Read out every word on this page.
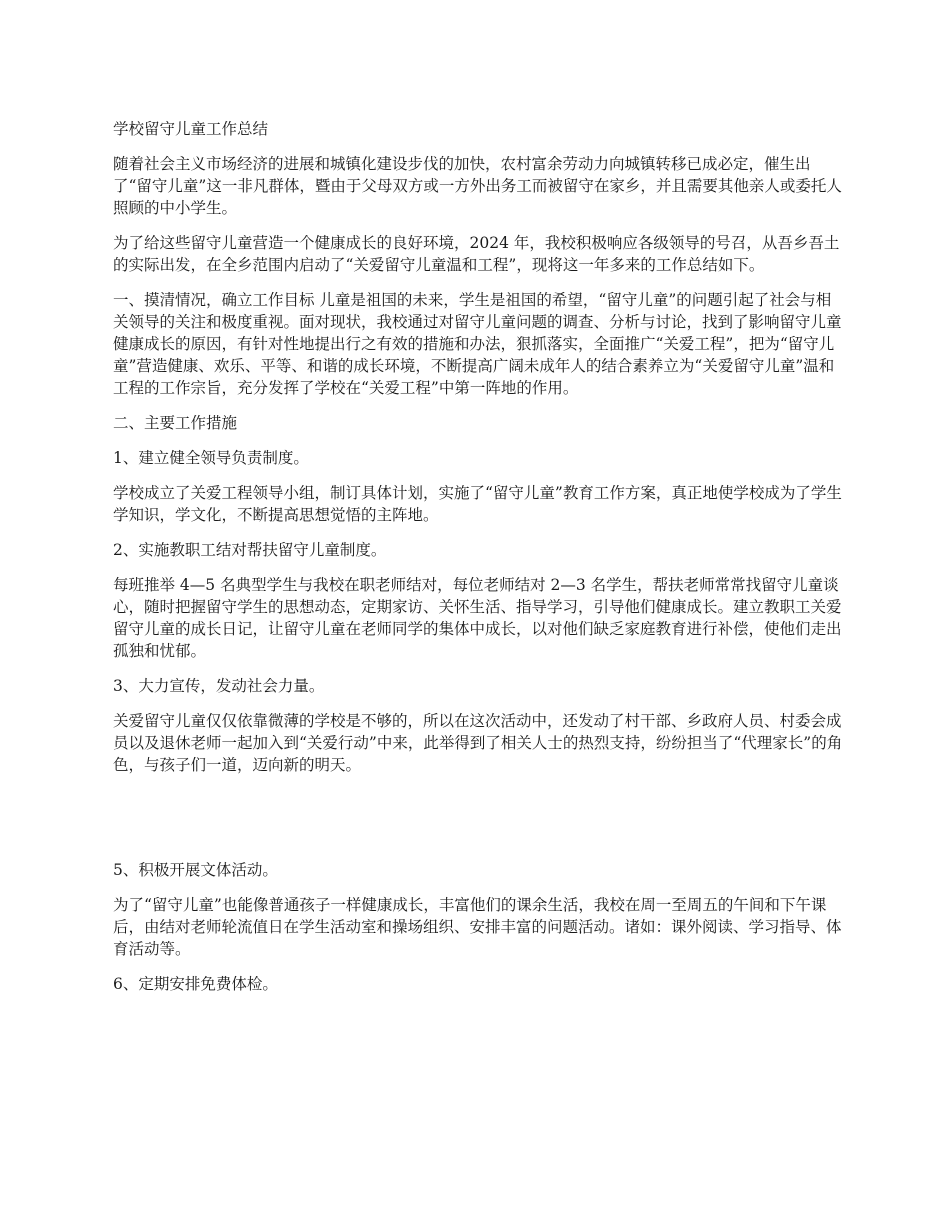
学校留守儿童工作总结
随着社会主义市场经济的进展和城镇化建设步伐的加快，农村富余劳动力向城镇转移已成必定，催生出了“留守儿童”这一非凡群体，暨由于父母双方或一方外出务工而被留守在家乡，并且需要其他亲人或委托人照顾的中小学生。
为了给这些留守儿童营造一个健康成长的良好环境，2024 年，我校积极响应各级领导的号召，从吾乡吾土的实际出发，在全乡范围内启动了“关爱留守儿童温和工程”，现将这一年多来的工作总结如下。
一、摸清情况，确立工作目标 儿童是祖国的未来，学生是祖国的希望，“留守儿童”的问题引起了社会与相关领导的关注和极度重视。面对现状，我校通过对留守儿童问题的调查、分析与讨论，找到了影响留守儿童健康成长的原因，有针对性地提出行之有效的措施和办法，狠抓落实，全面推广“关爱工程”，把为“留守儿童”营造健康、欢乐、平等、和谐的成长环境，不断提高广阔未成年人的结合素养立为“关爱留守儿童”温和工程的工作宗旨，充分发挥了学校在“关爱工程”中第一阵地的作用。
二、主要工作措施
1、建立健全领导负责制度。
学校成立了关爱工程领导小组，制订具体计划，实施了“留守儿童”教育工作方案，真正地使学校成为了学生学知识，学文化，不断提高思想觉悟的主阵地。
2、实施教职工结对帮扶留守儿童制度。
每班推举 4—5 名典型学生与我校在职老师结对，每位老师结对 2—3 名学生，帮扶老师常常找留守儿童谈心，随时把握留守学生的思想动态，定期家访、关怀生活、指导学习，引导他们健康成长。建立教职工关爱留守儿童的成长日记，让留守儿童在老师同学的集体中成长，以对他们缺乏家庭教育进行补偿，使他们走出孤独和忧郁。
3、大力宣传，发动社会力量。
关爱留守儿童仅仅依靠微薄的学校是不够的，所以在这次活动中，还发动了村干部、乡政府人员、村委会成员以及退休老师一起加入到“关爱行动”中来，此举得到了相关人士的热烈支持，纷纷担当了“代理家长”的角色，与孩子们一道，迈向新的明天。
5、积极开展文体活动。
为了“留守儿童”也能像普通孩子一样健康成长，丰富他们的课余生活，我校在周一至周五的午间和下午课后，由结对老师轮流值日在学生活动室和操场组织、安排丰富的问题活动。诸如：课外阅读、学习指导、体育活动等。
6、定期安排免费体检。
